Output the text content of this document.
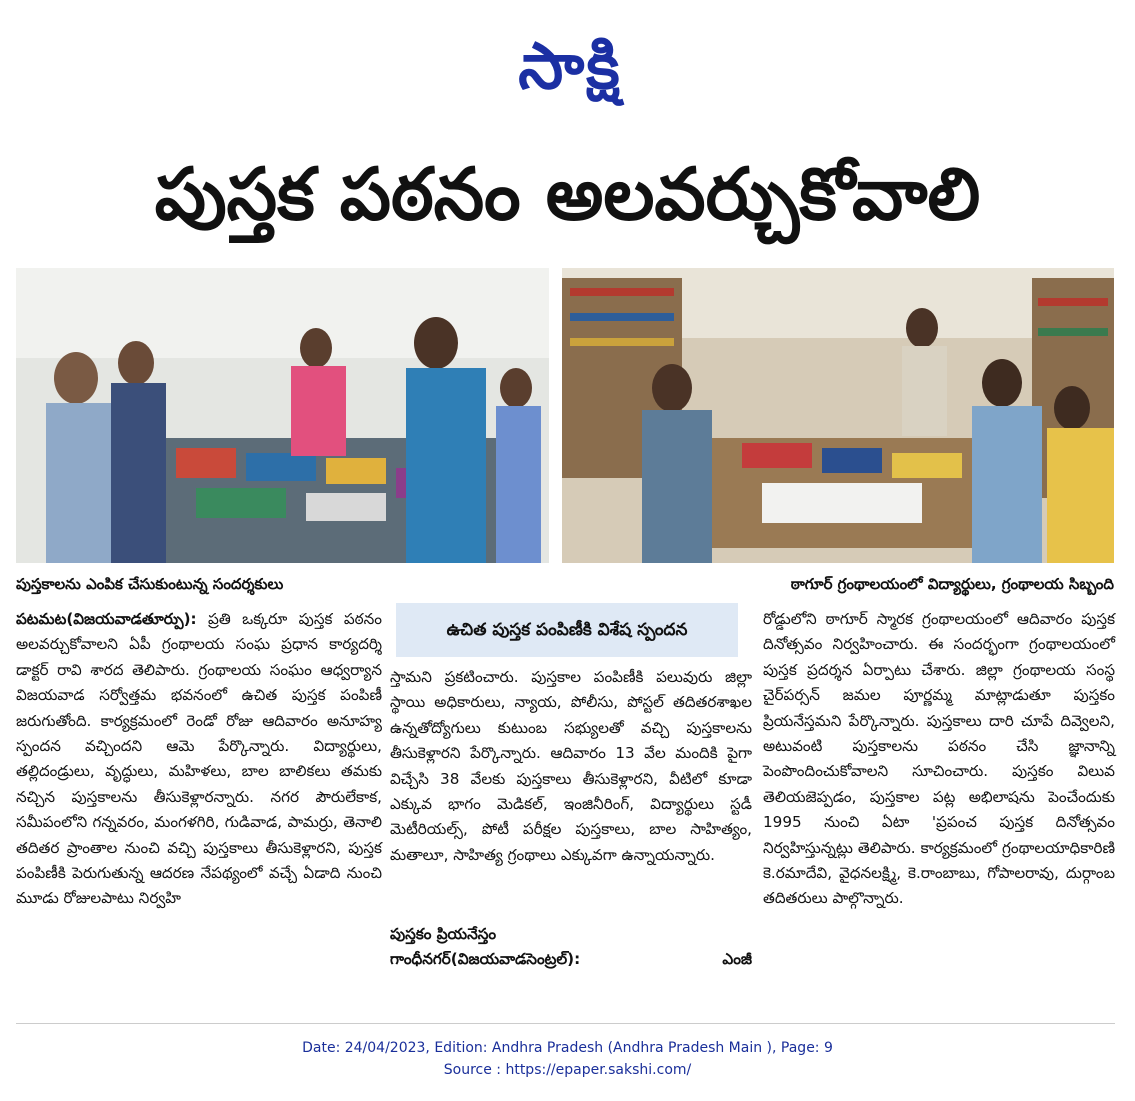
సాక్షి
పుస్తక పఠనం అలవర్చుకోవాలి
పుస్తకాలను ఎంపిక చేసుకుంటున్న సందర్శకులు	ఠాగూర్ గ్రంథాలయంలో విద్యార్థులు, గ్రంథాలయ సిబ్బంది

పటమట(విజయవాడతూర్పు): ప్రతి ఒక్కరూ పుస్తక పఠనం అలవర్చుకోవాలని ఏపీ గ్రంథాలయ సంఘ ప్రధాన కార్యదర్శి డాక్టర్ రావి శారద తెలిపారు. గ్రంథాలయ సంఘం ఆధ్వర్యాన విజయవాడ సర్వోత్తమ భవనంలో ఉచిత పుస్తక పంపిణీ జరుగుతోంది. కార్యక్రమంలో రెండో రోజు ఆదివారం అనూహ్య స్పందన వచ్చిందని ఆమె పేర్కొన్నారు. విద్యార్థులు, తల్లిదండ్రులు, వృద్ధులు, మహిళలు, బాల బాలికలు తమకు నచ్చిన పుస్తకాలను తీసుకెళ్లారన్నారు. నగర పౌరులేకాక, సమీపంలోని గన్నవరం, మంగళగిరి, గుడివాడ, పామర్రు, తెనాలి తదితర ప్రాంతాల నుంచి వచ్చి పుస్తకాలు తీసుకెళ్లారని, పుస్తక పంపిణీకి పెరుగుతున్న ఆదరణ నేపథ్యంలో వచ్చే ఏడాది నుంచి మూడు రోజులపాటు నిర్వహి

ఉచిత పుస్తక పంపిణీకి విశేష స్పందన

స్తామని ప్రకటించారు. పుస్తకాల పంపిణీకి పలువురు జిల్లా స్థాయి అధికారులు, న్యాయ, పోలీసు, పోస్టల్ తదితరశాఖల ఉన్నతోద్యోగులు కుటుంబ సభ్యులతో వచ్చి పుస్తకాలను తీసుకెళ్లారని పేర్కొన్నారు. ఆదివారం 13 వేల మందికి పైగా విచ్చేసి 38 వేలకు పుస్తకాలు తీసుకెళ్లారని, వీటిలో కూడా ఎక్కువ భాగం మెడికల్, ఇంజినీరింగ్, విద్యార్థులు స్టడీ మెటీరియల్స్, పోటీ పరీక్షల పుస్తకాలు, బాల సాహిత్యం, మతాలూ, సాహిత్య గ్రంథాలు ఎక్కువగా ఉన్నాయన్నారు.

పుస్తకం ప్రియనేస్తం
గాంధీనగర్(విజయవాడసెంట్రల్):	ఎంజీ

రోడ్డులోని ఠాగూర్ స్మారక గ్రంథాలయంలో ఆదివారం పుస్తక దినోత్సవం నిర్వహించారు. ఈ సందర్భంగా గ్రంథాలయంలో పుస్తక ప్రదర్శన ఏర్పాటు చేశారు. జిల్లా గ్రంథాలయ సంస్థ చైర్‌పర్సన్ జమల పూర్ణమ్మ మాట్లాడుతూ పుస్తకం ప్రియనేస్తమని పేర్కొన్నారు. పుస్తకాలు దారి చూపే దివ్వెలని, అటువంటి పుస్తకాలను పఠనం చేసి జ్ఞానాన్ని పెంపొందించుకోవాలని సూచించారు. పుస్తకం విలువ తెలియజెప్పడం, పుస్తకాల పట్ల అభిలాషను పెంచేందుకు 1995 నుంచి ఏటా 'ప్రపంచ పుస్తక దినోత్సవం నిర్వహిస్తున్నట్లు తెలిపారు. కార్యక్రమంలో గ్రంథాలయాధికారిణి కె.రమాదేవి, వైధనలక్ష్మి, కె.రాంబాబు, గోపాలరావు, దుర్గాంబ తదితరులు పాల్గొన్నారు.

Date: 24/04/2023, Edition: Andhra Pradesh (Andhra Pradesh Main ), Page: 9
Source : https://epaper.sakshi.com/
